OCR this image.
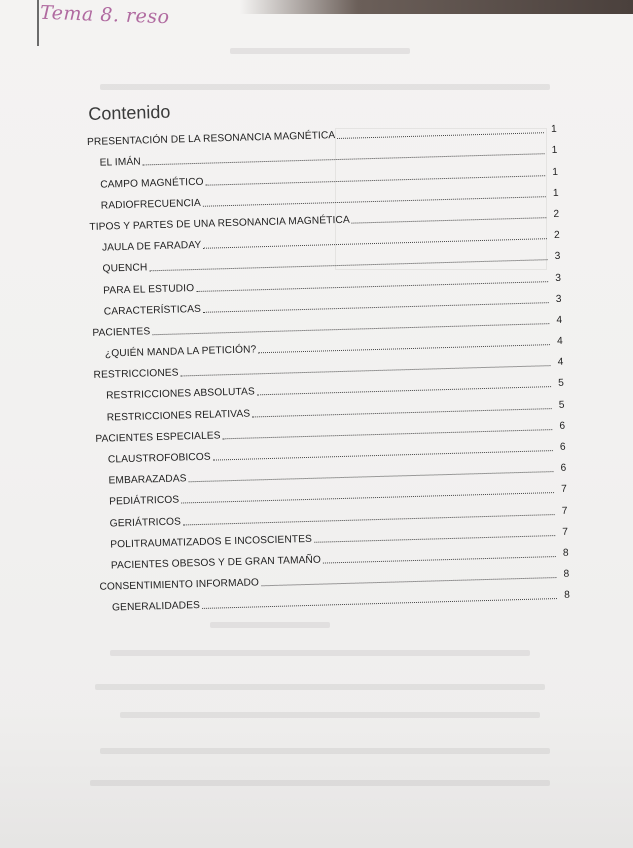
Tema 8. reso
Contenido
PRESENTACIÓN DE LA RESONANCIA MAGNÉTICA
1
EL IMÁN
1
CAMPO MAGNÉTICO
1
RADIOFRECUENCIA
1
TIPOS Y PARTES DE UNA RESONANCIA MAGNÉTICA
2
JAULA DE FARADAY
2
QUENCH
3
PARA EL ESTUDIO
3
CARACTERÍSTICAS
3
PACIENTES
4
¿QUIÉN MANDA LA PETICIÓN?
4
RESTRICCIONES
4
RESTRICCIONES ABSOLUTAS
5
RESTRICCIONES RELATIVAS
5
PACIENTES ESPECIALES
6
CLAUSTROFOBICOS
6
EMBARAZADAS
6
PEDIÁTRICOS
7
GERIÁTRICOS
7
POLITRAUMATIZADOS E INCOSCIENTES
7
PACIENTES OBESOS Y DE GRAN TAMAÑO
8
CONSENTIMIENTO INFORMADO
8
GENERALIDADES
8
